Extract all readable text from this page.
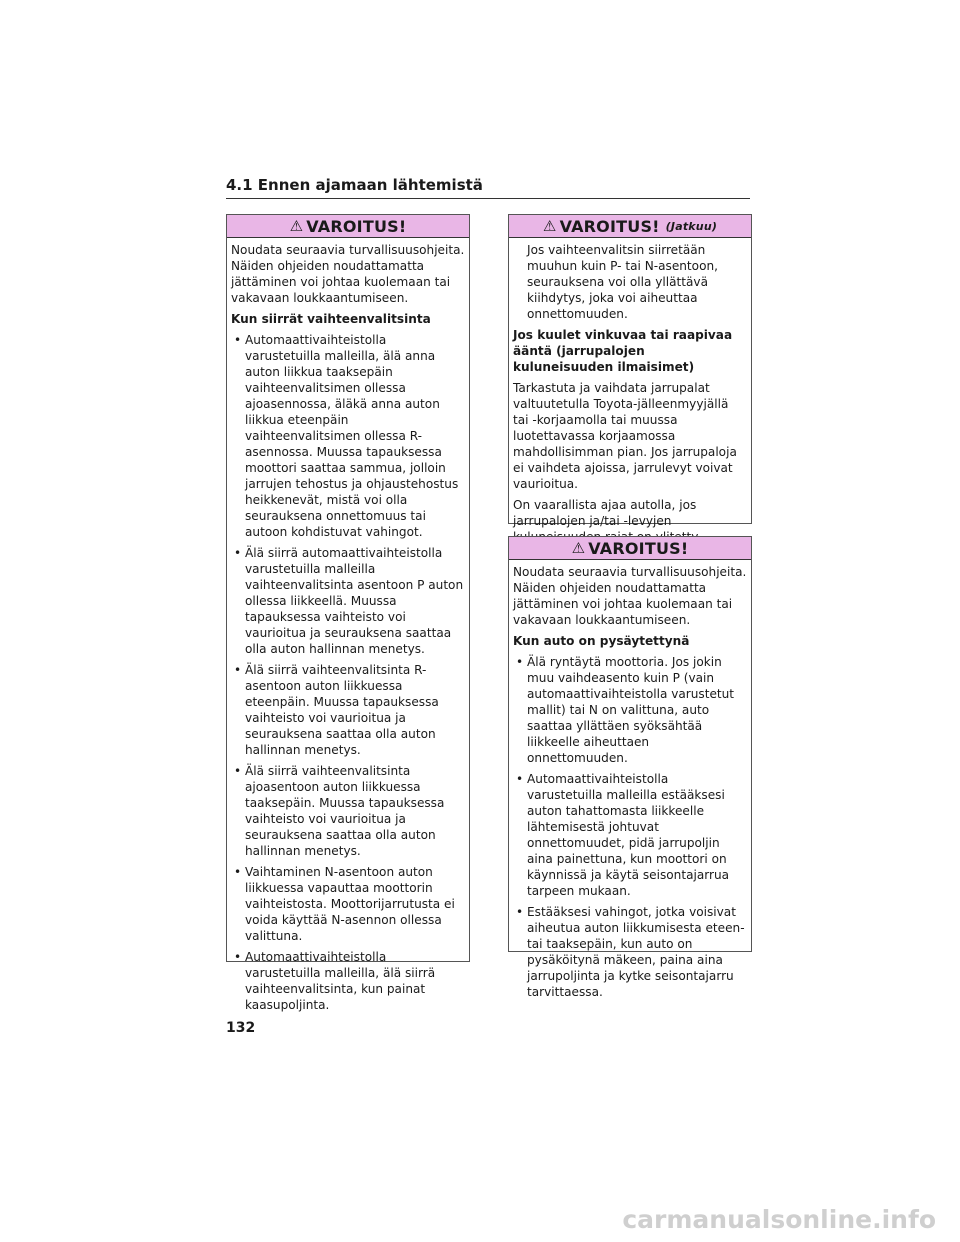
4.1 Ennen ajamaan lähtemistä
⚠ VAROITUS!

Noudata seuraavia turvallisuusohjeita. Näiden ohjeiden noudattamatta jättäminen voi johtaa kuolemaan tai vakavaan loukkaantumiseen.

Kun siirrät vaihteenvalitsinta

• Automaattivaihteistolla varustetuilla malleilla, älä anna auton liikkua taaksepäin vaihteenvalitsimen ollessa ajoasennossa, äläkä anna auton liikkua eteenpäin vaihteenvalitsimen ollessa R-asennossa. Muussa tapauksessa moottori saattaa sammua, jolloin jarrujen tehostus ja ohjaustehostus heikkenevät, mistä voi olla seurauksena onnettomuus tai autoon kohdistuvat vahingot.
• Älä siirrä automaattivaihteistolla varustetuilla malleilla vaihteenvalitsinta asentoon P auton ollessa liikkeellä. Muussa tapauksessa vaihteisto voi vaurioitua ja seurauksena saattaa olla auton hallinnan menetys.
• Älä siirrä vaihteenvalitsinta R-asentoon auton liikkuessa eteenpäin. Muussa tapauksessa vaihteisto voi vaurioitua ja seurauksena saattaa olla auton hallinnan menetys.
• Älä siirrä vaihteenvalitsinta ajoasentoon auton liikkuessa taaksepäin. Muussa tapauksessa vaihteisto voi vaurioitua ja seurauksena saattaa olla auton hallinnan menetys.
• Vaihtaminen N-asentoon auton liikkuessa vapauttaa moottorin vaihteistosta. Moottorijarrutusta ei voida käyttää N-asennon ollessa valittuna.
• Automaattivaihteistolla varustetuilla malleilla, älä siirrä vaihteenvalitsinta, kun painat kaasupoljinta.
⚠ VAROITUS! (Jatkuu)

Jos vaihteenvalitsin siirretään muuhun kuin P- tai N-asentoon, seurauksena voi olla yllättävä kiihdytys, joka voi aiheuttaa onnettomuuden.

Jos kuulet vinkuvaa tai raapivaa ääntä (jarrupalojen kuluneisuuden ilmaisimet)

Tarkastuta ja vaihdata jarrupalat valtuutetulla Toyota-jälleenmyyjällä tai -korjaamolla tai muussa luotettavassa korjaamossa mahdollisimman pian. Jos jarrupaloja ei vaihdeta ajoissa, jarrulevyt voivat vaurioitua.

On vaarallista ajaa autolla, jos jarrupalojen ja/tai -levyjen

⚠ VAROITUS!

Noudata seuraavia turvallisuusohjeita. Näiden ohjeiden noudattamatta jättäminen voi johtaa kuolemaan tai vakavaan loukkaantumiseen.

Kun auto on pysäytettynä

• Älä ryntäytä moottoria. Jos jokin muu vaihdeasento kuin P (vain automaattivaihteistolla varustetut mallit) tai N on valittuna, auto saattaa yllättäen syöksähtää liikkeelle aiheuttaen onnettomuuden.
• Automaattivaihteistolla varustetuilla malleilla estääksesi auton tahattomasta liikkeelle lähtemisestä johtuvat onnettomuudet, pidä jarrupoljin aina painettuna, kun moottori on käynnissä ja käytä seisontajarrua tarpeen mukaan.
• Estääksesi vahingot, jotka voisivat aiheutua auton liikkumisesta eteen- tai taaksepäin, kun auto on pysäköitynä mäkeen, paina aina jarrupoljinta ja kytke seisontajarru tarvittaessa.
132
carmanualsonline.info
